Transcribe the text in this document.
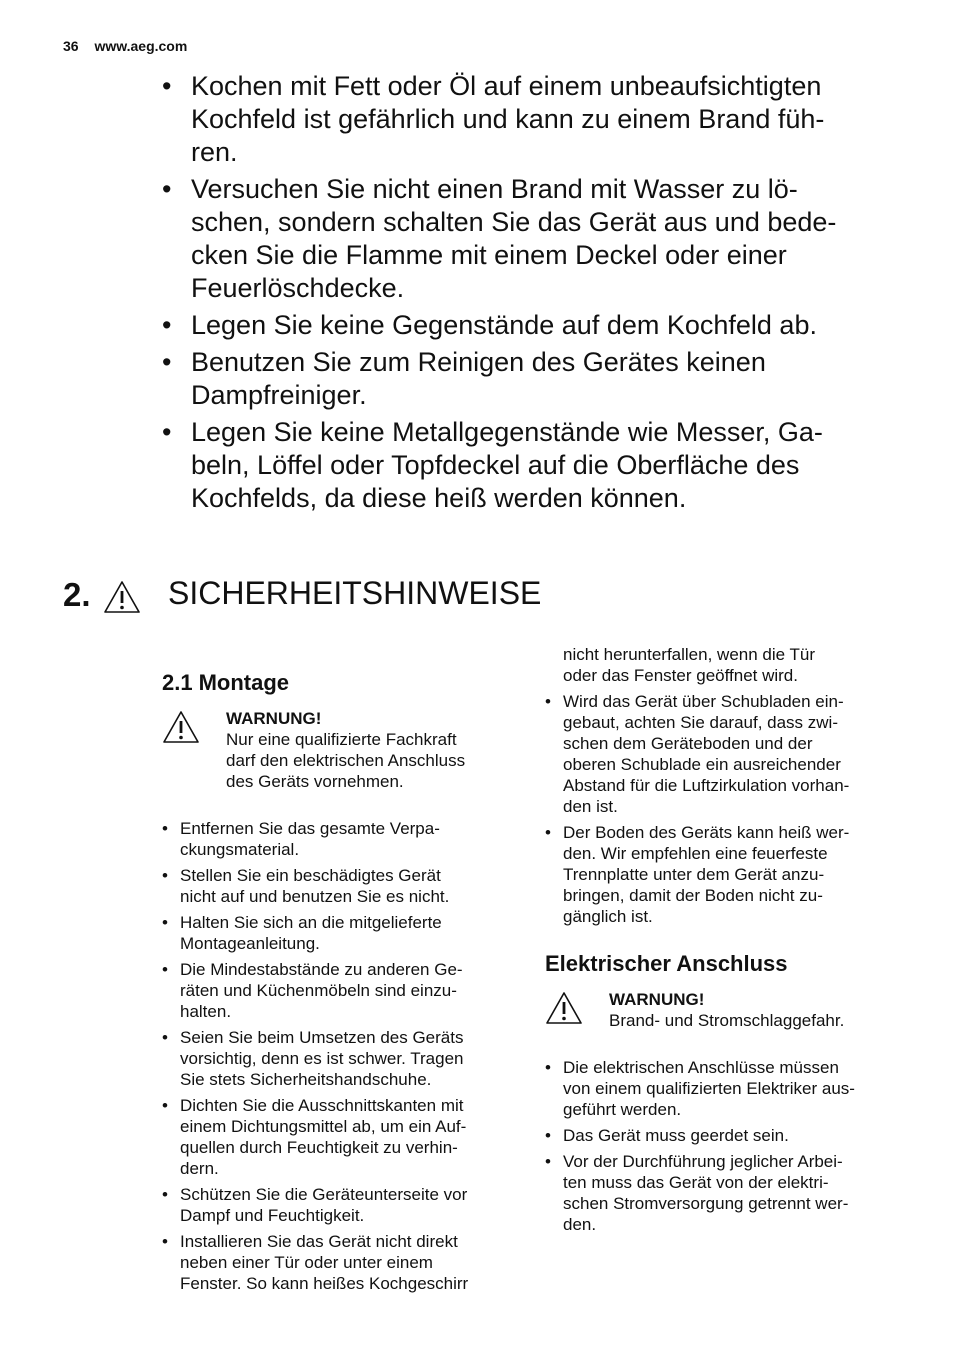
36 www.aeg.com
• Kochen mit Fett oder Öl auf einem unbeaufsichtigten
Kochfeld ist gefährlich und kann zu einem Brand füh-
ren.
• Versuchen Sie nicht einen Brand mit Wasser zu lö-
schen, sondern schalten Sie das Gerät aus und bede-
cken Sie die Flamme mit einem Deckel oder einer
Feuerlöschdecke.
• Legen Sie keine Gegenstände auf dem Kochfeld ab.
• Benutzen Sie zum Reinigen des Gerätes keinen
Dampfreiniger.
• Legen Sie keine Metallgegenstände wie Messer, Ga-
beln, Löffel oder Topfdeckel auf die Oberfläche des
Kochfelds, da diese heiß werden können.
2. SICHERHEITSHINWEISE
2.1 Montage
WARNUNG!
Nur eine qualifizierte Fachkraft
darf den elektrischen Anschluss
des Geräts vornehmen.
• Entfernen Sie das gesamte Verpa-
ckungsmaterial.
• Stellen Sie ein beschädigtes Gerät
nicht auf und benutzen Sie es nicht.
• Halten Sie sich an die mitgelieferte
Montageanleitung.
• Die Mindestabstände zu anderen Ge-
räten und Küchenmöbeln sind einzu-
halten.
• Seien Sie beim Umsetzen des Geräts
vorsichtig, denn es ist schwer. Tragen
Sie stets Sicherheitshandschuhe.
• Dichten Sie die Ausschnittskanten mit
einem Dichtungsmittel ab, um ein Auf-
quellen durch Feuchtigkeit zu verhin-
dern.
• Schützen Sie die Geräteunterseite vor
Dampf und Feuchtigkeit.
• Installieren Sie das Gerät nicht direkt
neben einer Tür oder unter einem
Fenster. So kann heißes Kochgeschirr
nicht herunterfallen, wenn die Tür
oder das Fenster geöffnet wird.
• Wird das Gerät über Schubladen ein-
gebaut, achten Sie darauf, dass zwi-
schen dem Geräteboden und der
oberen Schublade ein ausreichender
Abstand für die Luftzirkulation vorhan-
den ist.
• Der Boden des Geräts kann heiß wer-
den. Wir empfehlen eine feuerfeste
Trennplatte unter dem Gerät anzu-
bringen, damit der Boden nicht zu-
gänglich ist.
Elektrischer Anschluss
WARNUNG!
Brand- und Stromschlaggefahr.
• Die elektrischen Anschlüsse müssen
von einem qualifizierten Elektriker aus-
geführt werden.
• Das Gerät muss geerdet sein.
• Vor der Durchführung jeglicher Arbei-
ten muss das Gerät von der elektri-
schen Stromversorgung getrennt wer-
den.
